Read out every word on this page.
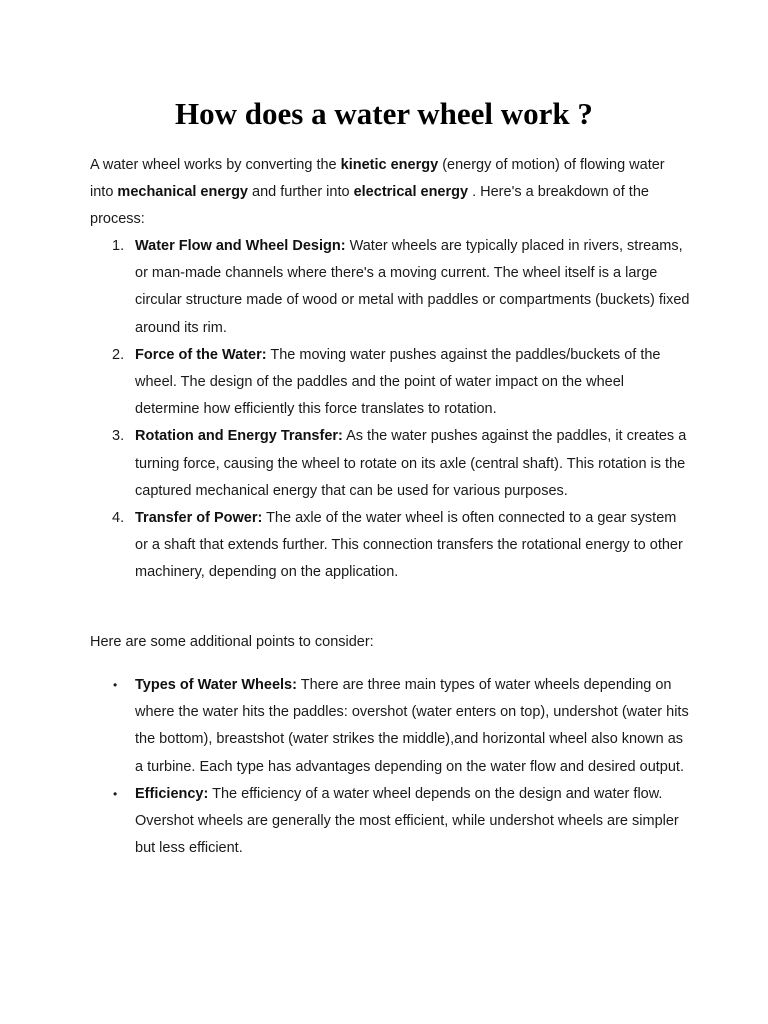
How does a water wheel work ?

A water wheel works by converting the kinetic energy (energy of motion) of flowing water into mechanical energy and further into electrical energy . Here's a breakdown of the process:

1. Water Flow and Wheel Design: Water wheels are typically placed in rivers, streams, or man-made channels where there's a moving current. The wheel itself is a large circular structure made of wood or metal with paddles or compartments (buckets) fixed around its rim.
2. Force of the Water: The moving water pushes against the paddles/buckets of the wheel. The design of the paddles and the point of water impact on the wheel determine how efficiently this force translates to rotation.
3. Rotation and Energy Transfer: As the water pushes against the paddles, it creates a turning force, causing the wheel to rotate on its axle (central shaft). This rotation is the captured mechanical energy that can be used for various purposes.
4. Transfer of Power: The axle of the water wheel is often connected to a gear system or a shaft that extends further. This connection transfers the rotational energy to other machinery, depending on the application.

Here are some additional points to consider:

• Types of Water Wheels: There are three main types of water wheels depending on where the water hits the paddles: overshot (water enters on top), undershot (water hits the bottom), breastshot (water strikes the middle),and horizontal wheel also known as a turbine. Each type has advantages depending on the water flow and desired output.
• Efficiency: The efficiency of a water wheel depends on the design and water flow. Overshot wheels are generally the most efficient, while undershot wheels are simpler but less efficient.
